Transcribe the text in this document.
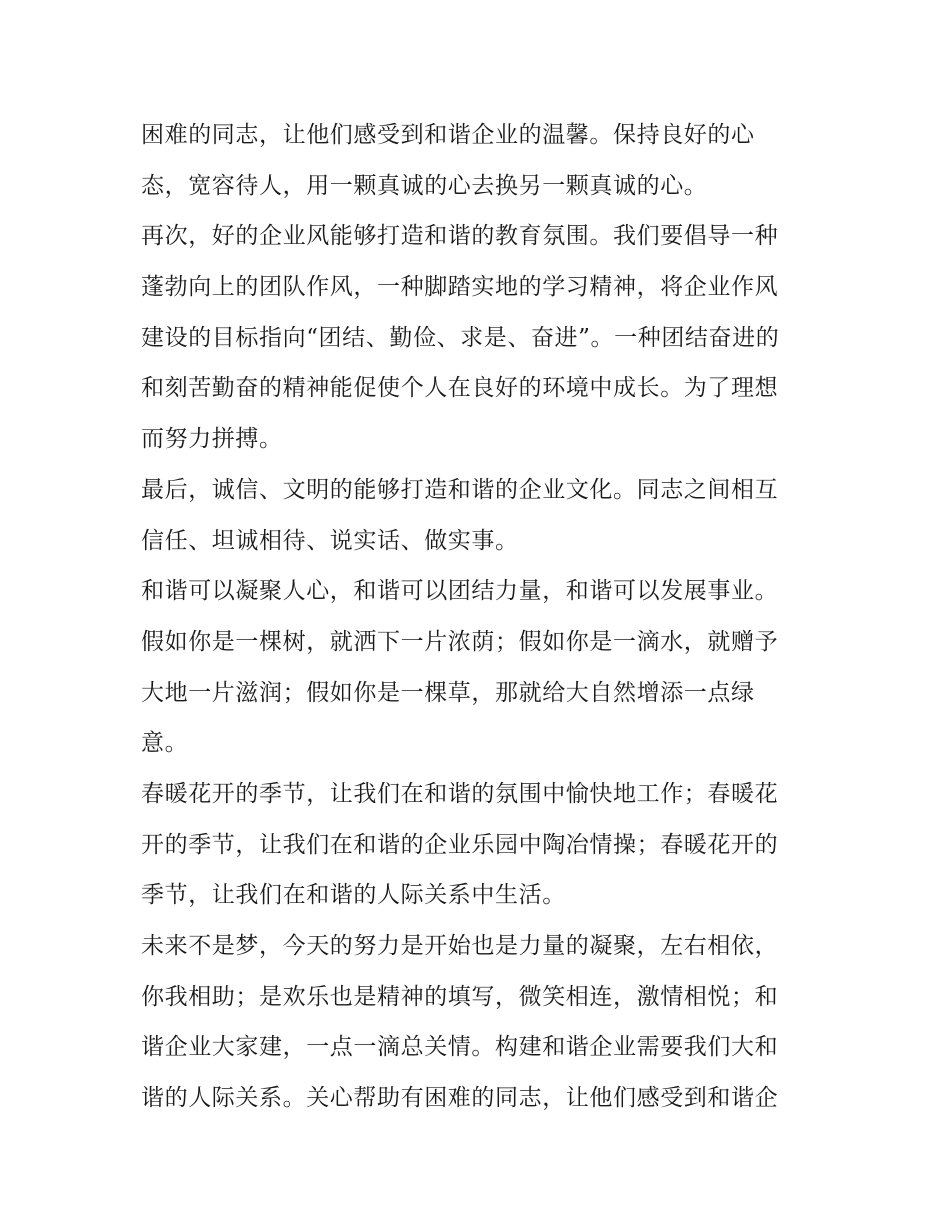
困难的同志，让他们感受到和谐企业的温馨。保持良好的心
态，宽容待人，用一颗真诚的心去换另一颗真诚的心。
再次，好的企业风能够打造和谐的教育氛围。我们要倡导一种
蓬勃向上的团队作风，一种脚踏实地的学习精神，将企业作风
建设的目标指向“团结、勤俭、求是、奋进”。一种团结奋进的
和刻苦勤奋的精神能促使个人在良好的环境中成长。为了理想
而努力拼搏。
最后，诚信、文明的能够打造和谐的企业文化。同志之间相互
信任、坦诚相待、说实话、做实事。
和谐可以凝聚人心，和谐可以团结力量，和谐可以发展事业。
假如你是一棵树，就洒下一片浓荫；假如你是一滴水，就赠予
大地一片滋润；假如你是一棵草，那就给大自然增添一点绿
意。
春暖花开的季节，让我们在和谐的氛围中愉快地工作；春暖花
开的季节，让我们在和谐的企业乐园中陶冶情操；春暖花开的
季节，让我们在和谐的人际关系中生活。
未来不是梦，今天的努力是开始也是力量的凝聚，左右相依，
你我相助；是欢乐也是精神的填写，微笑相连，激情相悦；和
谐企业大家建，一点一滴总关情。构建和谐企业需要我们大和
谐的人际关系。关心帮助有困难的同志，让他们感受到和谐企
